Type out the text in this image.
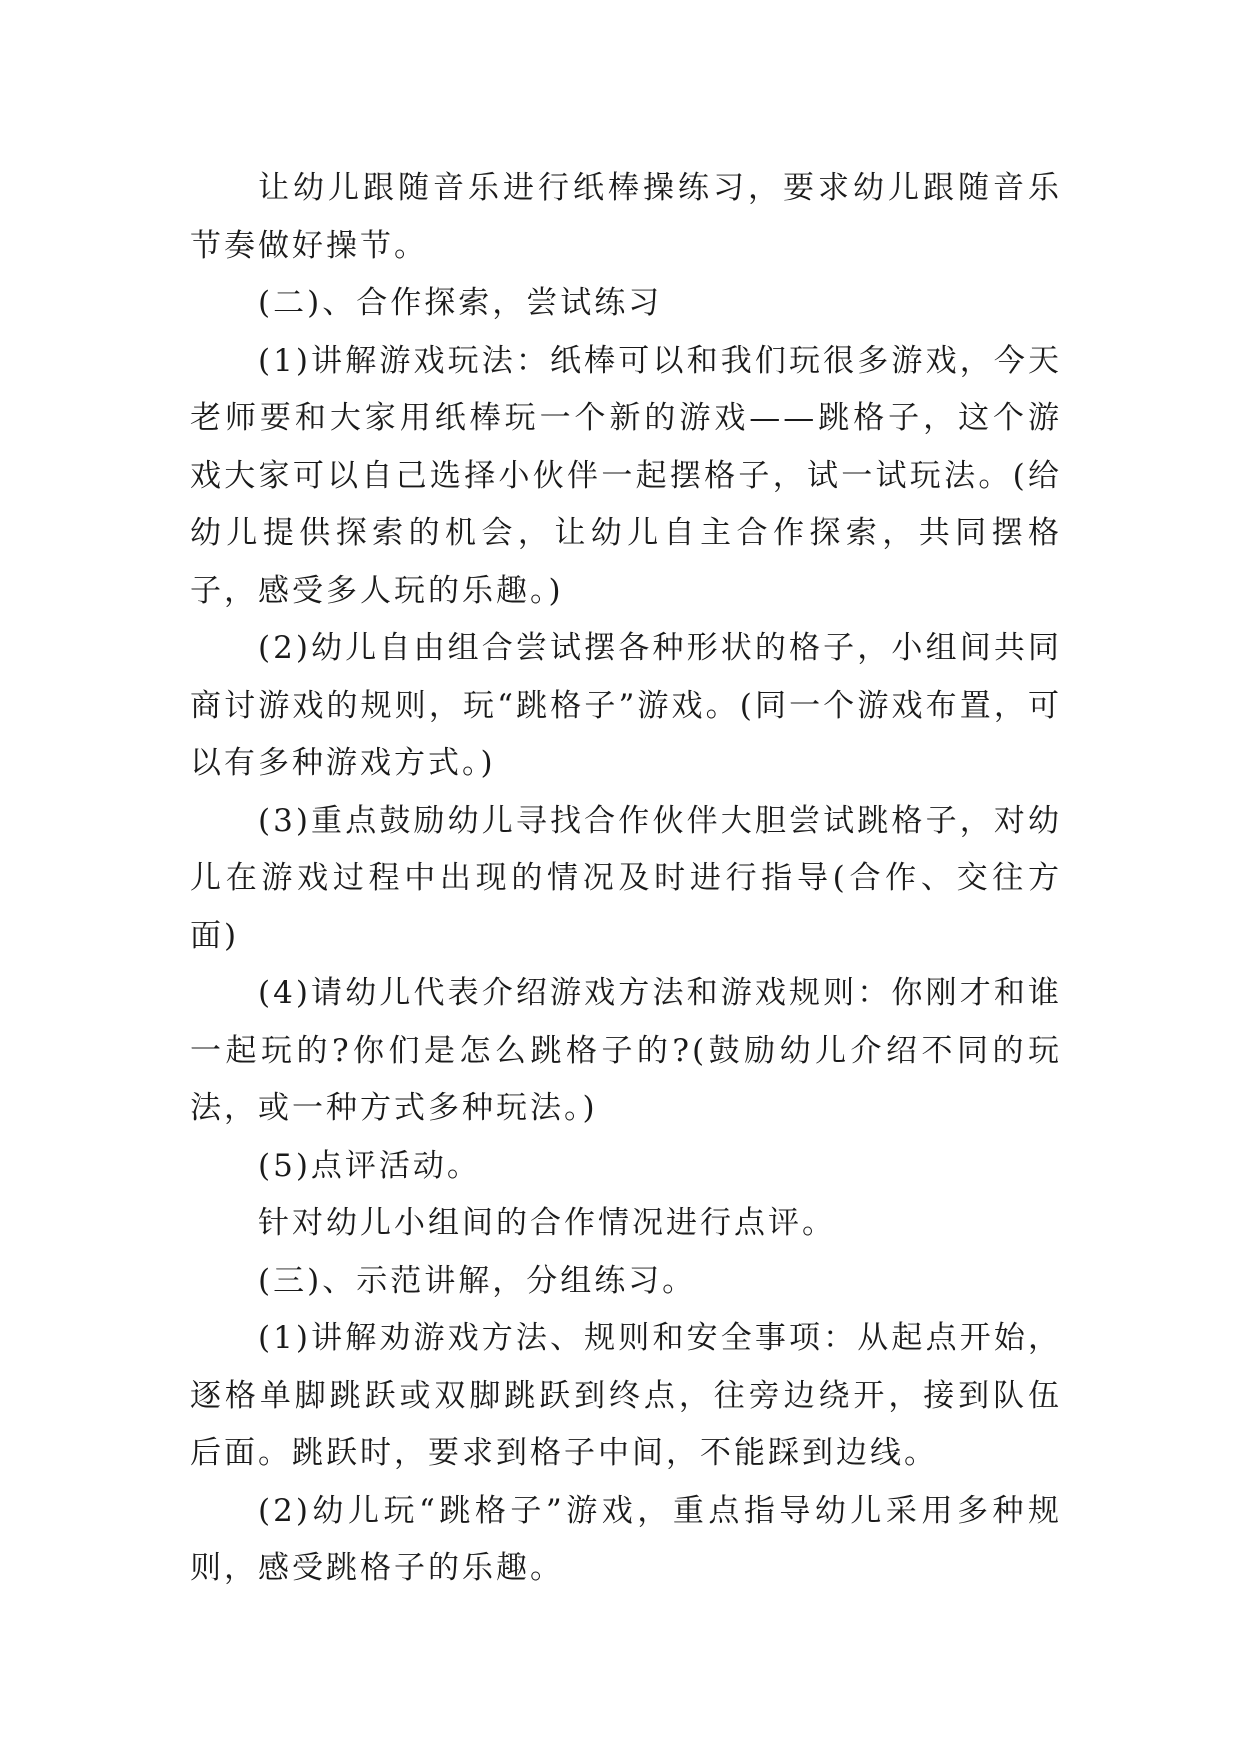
让幼儿跟随音乐进行纸棒操练习，要求幼儿跟随音乐节奏做好操节。

(二)、合作探索，尝试练习

(1)讲解游戏玩法：纸棒可以和我们玩很多游戏，今天老师要和大家用纸棒玩一个新的游戏——跳格子，这个游戏大家可以自己选择小伙伴一起摆格子，试一试玩法。(给幼儿提供探索的机会，让幼儿自主合作探索，共同摆格子，感受多人玩的乐趣。)

(2)幼儿自由组合尝试摆各种形状的格子，小组间共同商讨游戏的规则，玩“跳格子”游戏。(同一个游戏布置，可以有多种游戏方式。)

(3)重点鼓励幼儿寻找合作伙伴大胆尝试跳格子，对幼儿在游戏过程中出现的情况及时进行指导(合作、交往方面)

(4)请幼儿代表介绍游戏方法和游戏规则：你刚才和谁一起玩的?你们是怎么跳格子的?(鼓励幼儿介绍不同的玩法，或一种方式多种玩法。)

(5)点评活动。

针对幼儿小组间的合作情况进行点评。

(三)、示范讲解，分组练习。

(1)讲解劝游戏方法、规则和安全事项：从起点开始，逐格单脚跳跃或双脚跳跃到终点，往旁边绕开，接到队伍后面。跳跃时，要求到格子中间，不能踩到边线。

(2)幼儿玩“跳格子”游戏，重点指导幼儿采用多种规则，感受跳格子的乐趣。
